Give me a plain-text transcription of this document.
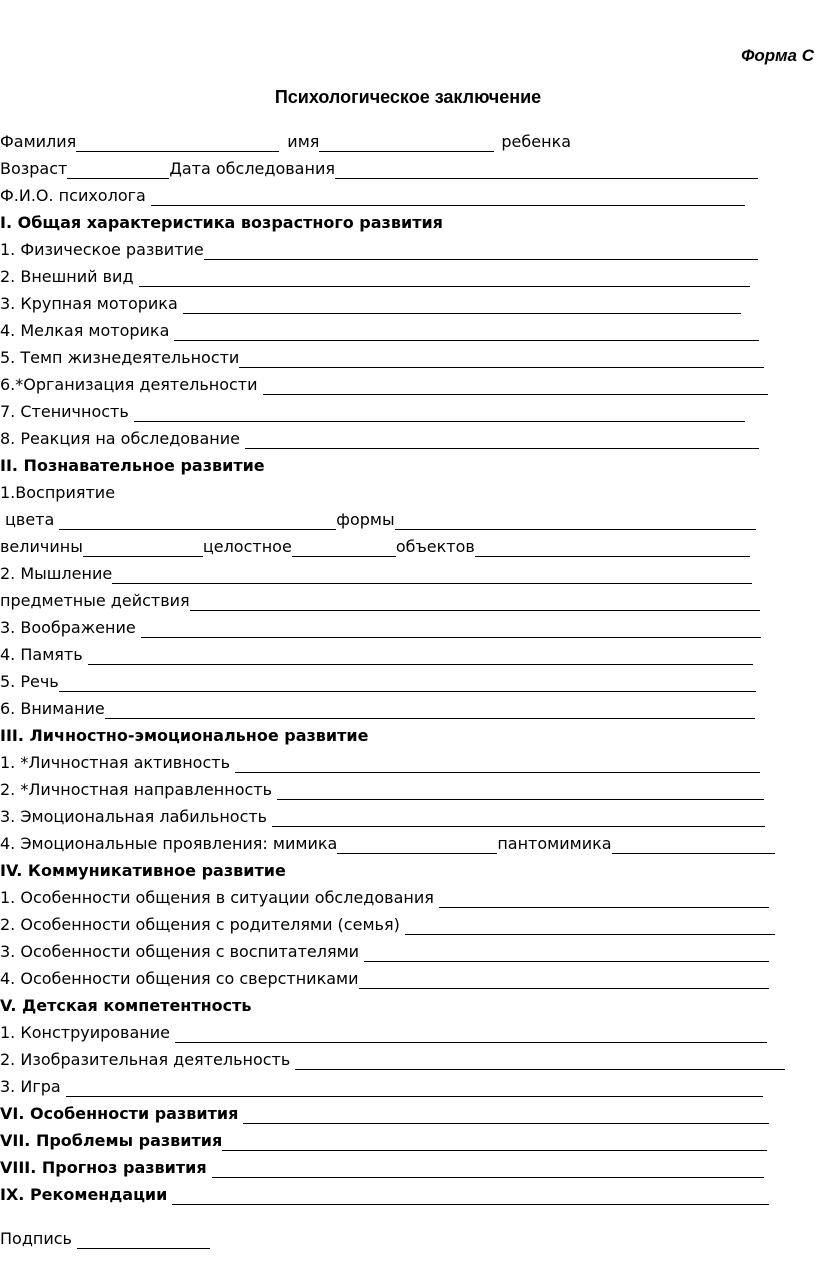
Форма С
Психологическое заключение
Фамилия	имя	ребенка
Возраст	Дата обследования
Ф.И.О. психолога
I. Общая характеристика возрастного развития
1. Физическое развитие
2. Внешний вид
3. Крупная моторика
4. Мелкая моторика
5. Темп жизнедеятельности
6.*Организация деятельности
7. Стеничность
8. Реакция на обследование
II. Познавательное развитие
1.Восприятие
цвета	формы
величины	целостное	объектов
2. Мышление
предметные действия
3. Воображение
4. Память
5. Речь
6. Внимание
III. Личностно-эмоциональное развитие
1. *Личностная активность
2. *Личностная направленность
3. Эмоциональная лабильность
4. Эмоциональные проявления: мимика	пантомимика
IV. Коммуникативное развитие
1. Особенности общения в ситуации обследования
2. Особенности общения с родителями (семья)
3. Особенности общения с воспитателями
4. Особенности общения со сверстниками
V. Детская компетентность
1. Конструирование
2. Изобразительная деятельность
3. Игра
VI. Особенности развития
VII. Проблемы развития
VIII. Прогноз развития
IX. Рекомендации
Подпись
